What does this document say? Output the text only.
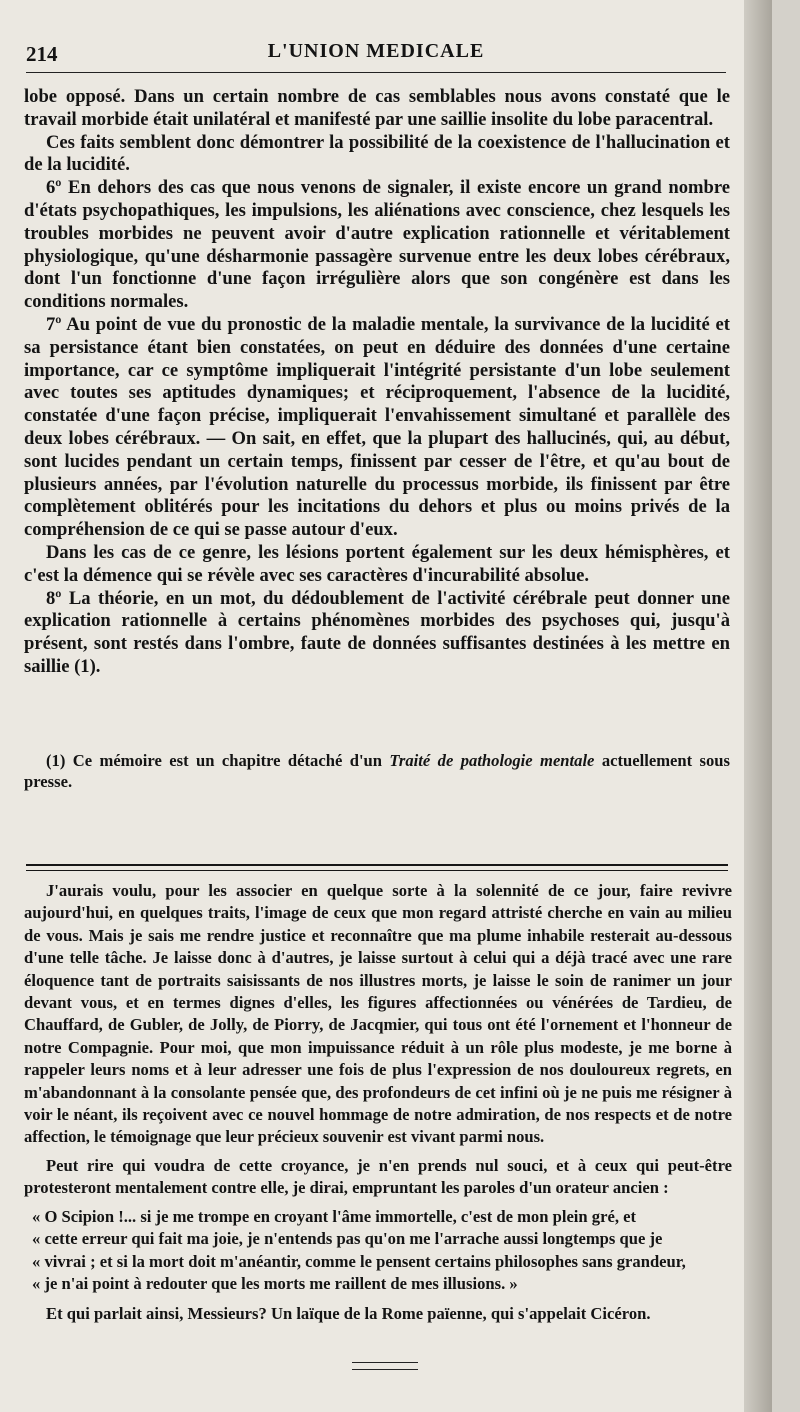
214	L'UNION MEDICALE

lobe opposé. Dans un certain nombre de cas semblables nous avons constaté que le travail morbide était unilatéral et manifesté par une saillie insolite du lobe paracentral.

Ces faits semblent donc démontrer la possibilité de la coexistence de l'hallucination et de la lucidité.

6º En dehors des cas que nous venons de signaler, il existe encore un grand nombre d'états psychopathiques, les impulsions, les aliénations avec conscience, chez lesquels les troubles morbides ne peuvent avoir d'autre explication rationnelle et véritablement physiologique, qu'une désharmonie passagère survenue entre les deux lobes cérébraux, dont l'un fonctionne d'une façon irrégulière alors que son congénère est dans les conditions normales.

7º Au point de vue du pronostic de la maladie mentale, la survivance de la lucidité et sa persistance étant bien constatées, on peut en déduire des données d'une certaine importance, car ce symptôme impliquerait l'intégrité persistante d'un lobe seulement avec toutes ses aptitudes dynamiques; et réciproquement, l'absence de la lucidité, constatée d'une façon précise, impliquerait l'envahissement simultané et parallèle des deux lobes cérébraux. — On sait, en effet, que la plupart des hallucinés, qui, au début, sont lucides pendant un certain temps, finissent par cesser de l'être, et qu'au bout de plusieurs années, par l'évolution naturelle du processus morbide, ils finissent par être complètement oblitérés pour les incitations du dehors et plus ou moins privés de la compréhension de ce qui se passe autour d'eux.

Dans les cas de ce genre, les lésions portent également sur les deux hémisphères, et c'est la démence qui se révèle avec ses caractères d'incurabilité absolue.

8º La théorie, en un mot, du dédoublement de l'activité cérébrale peut donner une explication rationnelle à certains phénomènes morbides des psychoses qui, jusqu'à présent, sont restés dans l'ombre, faute de données suffisantes destinées à les mettre en saillie (1).

(1) Ce mémoire est un chapitre détaché d'un Traité de pathologie mentale actuellement sous presse.

J'aurais voulu, pour les associer en quelque sorte à la solennité de ce jour, faire revivre aujourd'hui, en quelques traits, l'image de ceux que mon regard attristé cherche en vain au milieu de vous. Mais je sais me rendre justice et reconnaître que ma plume inhabile resterait au-dessous d'une telle tâche. Je laisse donc à d'autres, je laisse surtout à celui qui a déjà tracé avec une rare éloquence tant de portraits saisissants de nos illustres morts, je laisse le soin de ranimer un jour devant vous, et en termes dignes d'elles, les figures affectionnées ou vénérées de Tardieu, de Chauffard, de Gubler, de Jolly, de Piorry, de Jacqmier, qui tous ont été l'ornement et l'honneur de notre Compagnie. Pour moi, que mon impuissance réduit à un rôle plus modeste, je me borne à rappeler leurs noms et à leur adresser une fois de plus l'expression de nos douloureux regrets, en m'abandonnant à la consolante pensée que, des profondeurs de cet infini où je ne puis me résigner à voir le néant, ils reçoivent avec ce nouvel hommage de notre admiration, de nos respects et de notre affection, le témoignage que leur précieux souvenir est vivant parmi nous.

Peut rire qui voudra de cette croyance, je n'en prends nul souci, et à ceux qui peut-être protesteront mentalement contre elle, je dirai, empruntant les paroles d'un orateur ancien :

« O Scipion !... si je me trompe en croyant l'âme immortelle, c'est de mon plein gré, et

« cette erreur qui fait ma joie, je n'entends pas qu'on me l'arrache aussi longtemps que je

« vivrai ; et si la mort doit m'anéantir, comme le pensent certains philosophes sans grandeur,

« je n'ai point à redouter que les morts me raillent de mes illusions. »

Et qui parlait ainsi, Messieurs? Un laïque de la Rome païenne, qui s'appelait Cicéron.
